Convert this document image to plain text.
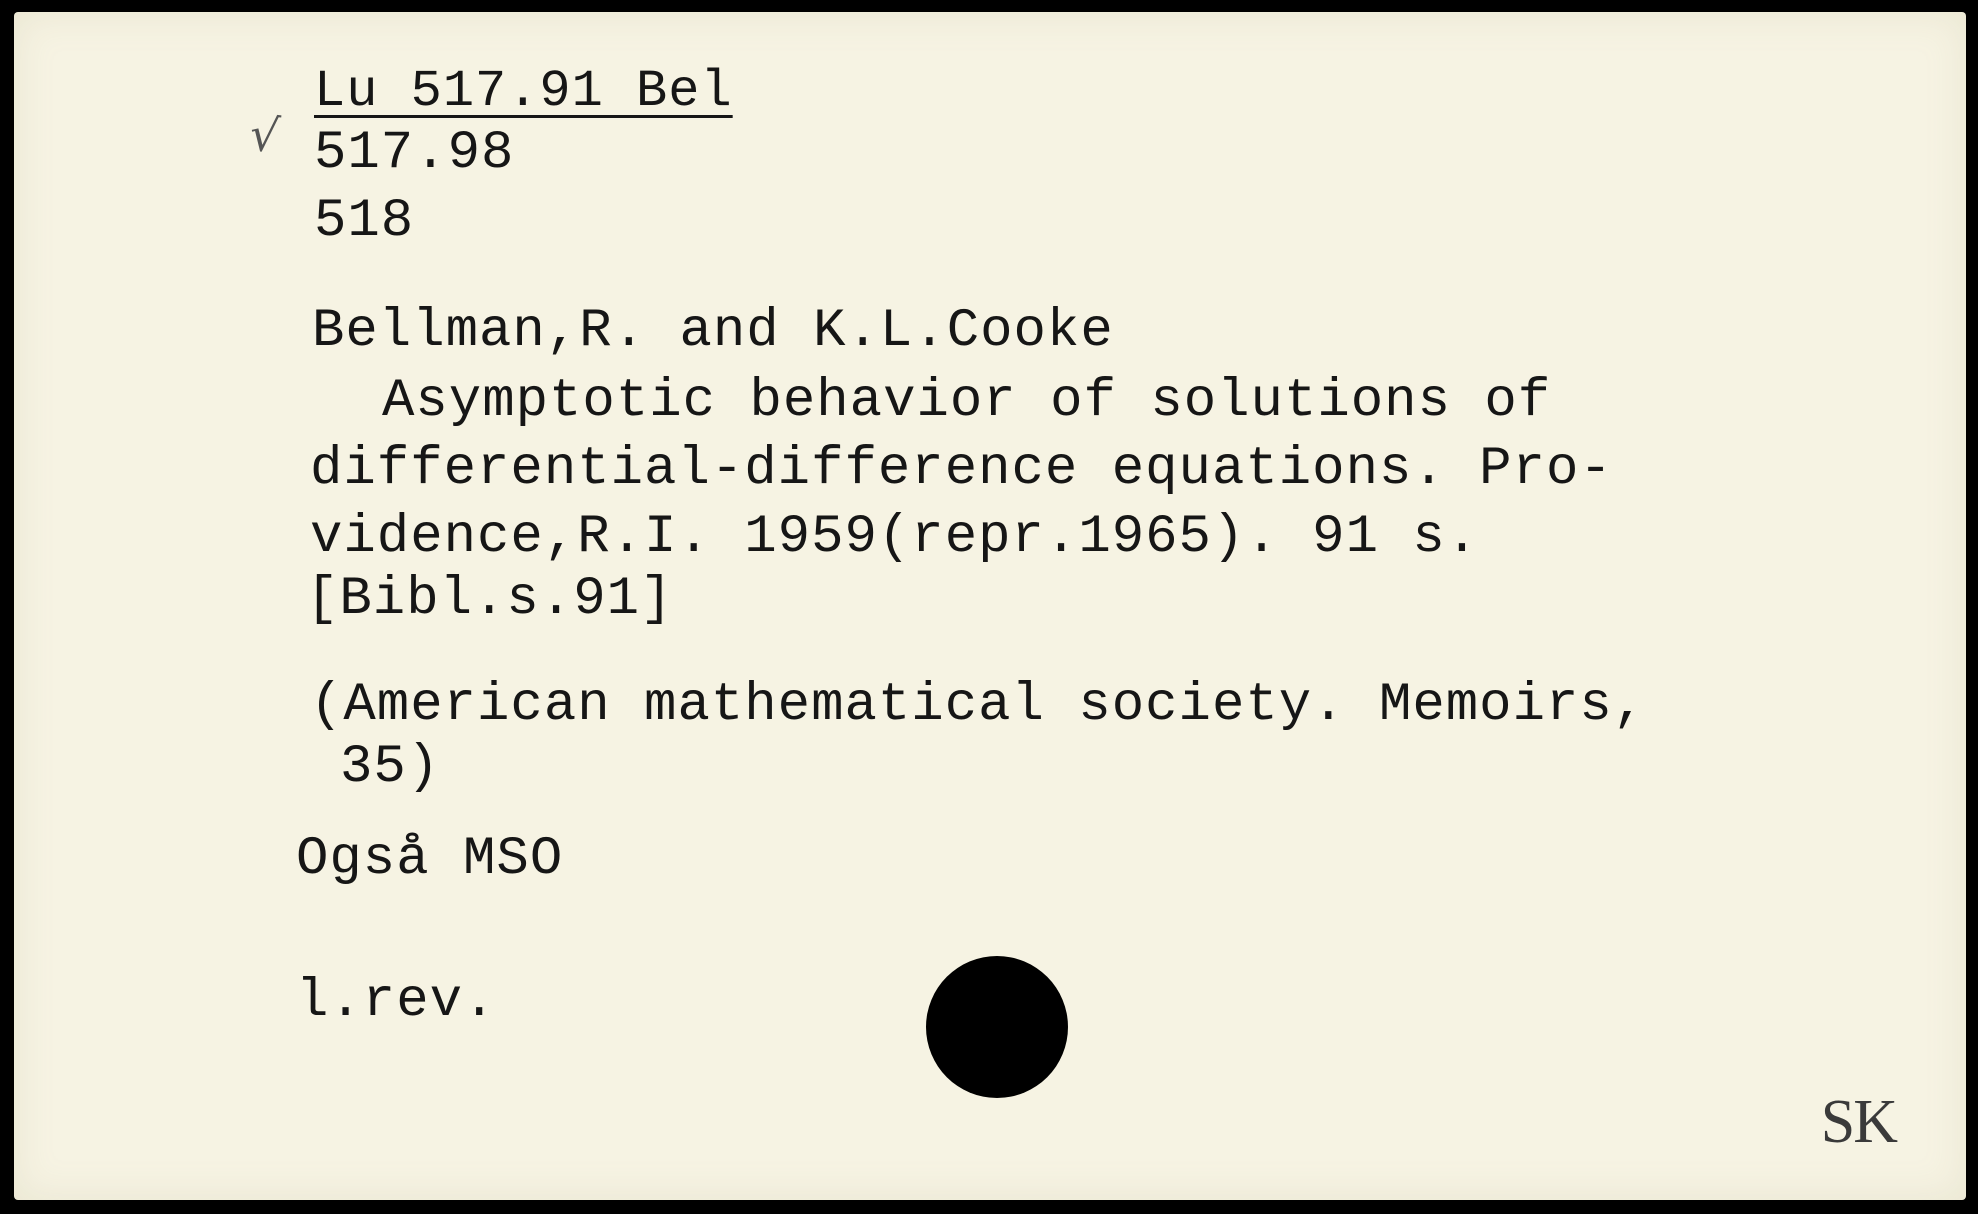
√
Lu 517.91 Bel
517.98
518
Bellman,R. and K.L.Cooke
Asymptotic behavior of solutions of
differential-difference equations. Pro-
vidence,R.I. 1959(repr.1965). 91 s.
[Bibl.s.91]
(American mathematical society. Memoirs,
35)
Også MSO
l.rev.
SK
